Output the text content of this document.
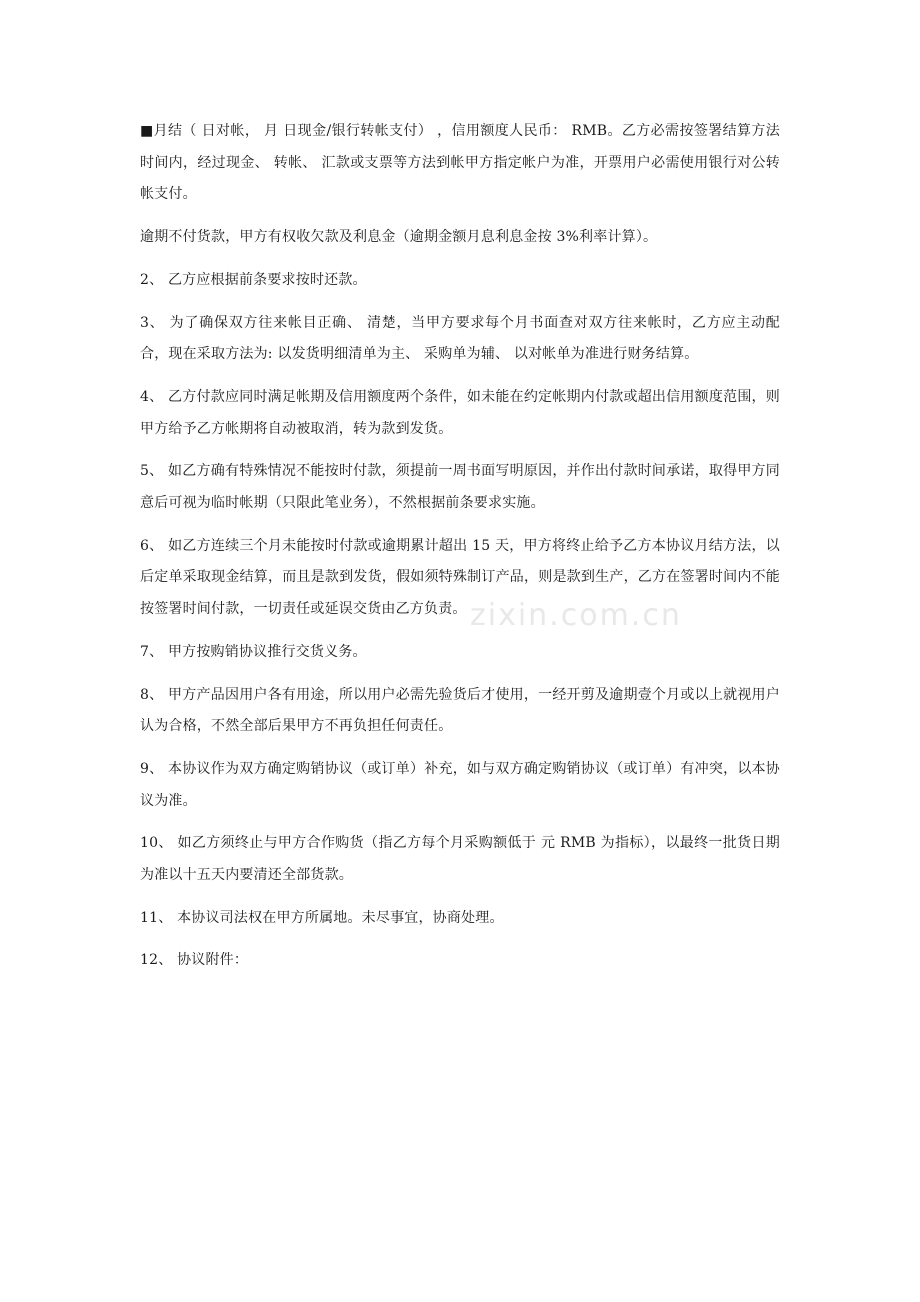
■月结（ 日对帐， 月 日现金/银行转帐支付） ，信用额度人民币： RMB。乙方必需按签署结算方法时间内，经过现金、 转帐、 汇款或支票等方法到帐甲方指定帐户为准，开票用户必需使用银行对公转帐支付。

逾期不付货款，甲方有权收欠款及利息金（逾期金额月息利息金按 3%利率计算）。

2、 乙方应根据前条要求按时还款。

3、 为了确保双方往来帐目正确、 清楚，当甲方要求每个月书面查对双方往来帐时，乙方应主动配合，现在采取方法为: 以发货明细清单为主、 采购单为辅、 以对帐单为准进行财务结算。

4、 乙方付款应同时满足帐期及信用额度两个条件，如未能在约定帐期内付款或超出信用额度范围，则甲方给予乙方帐期将自动被取消，转为款到发货。

5、 如乙方确有特殊情况不能按时付款，须提前一周书面写明原因，并作出付款时间承诺，取得甲方同意后可视为临时帐期（只限此笔业务），不然根据前条要求实施。

6、 如乙方连续三个月未能按时付款或逾期累计超出 15 天，甲方将终止给予乙方本协议月结方法，以后定单采取现金结算，而且是款到发货，假如须特殊制订产品，则是款到生产，乙方在签署时间内不能按签署时间付款，一切责任或延误交货由乙方负责。

7、 甲方按购销协议推行交货义务。

8、 甲方产品因用户各有用途，所以用户必需先验货后才使用，一经开剪及逾期壹个月或以上就视用户认为合格，不然全部后果甲方不再负担任何责任。

9、 本协议作为双方确定购销协议（或订单）补充，如与双方确定购销协议（或订单）有冲突，以本协议为准。

10、 如乙方须终止与甲方合作购货（指乙方每个月采购额低于 元 RMB 为指标），以最终一批货日期为准以十五天内要清还全部货款。

11、 本协议司法权在甲方所属地。未尽事宜，协商处理。

12、 协议附件：

zixin.com.cn
